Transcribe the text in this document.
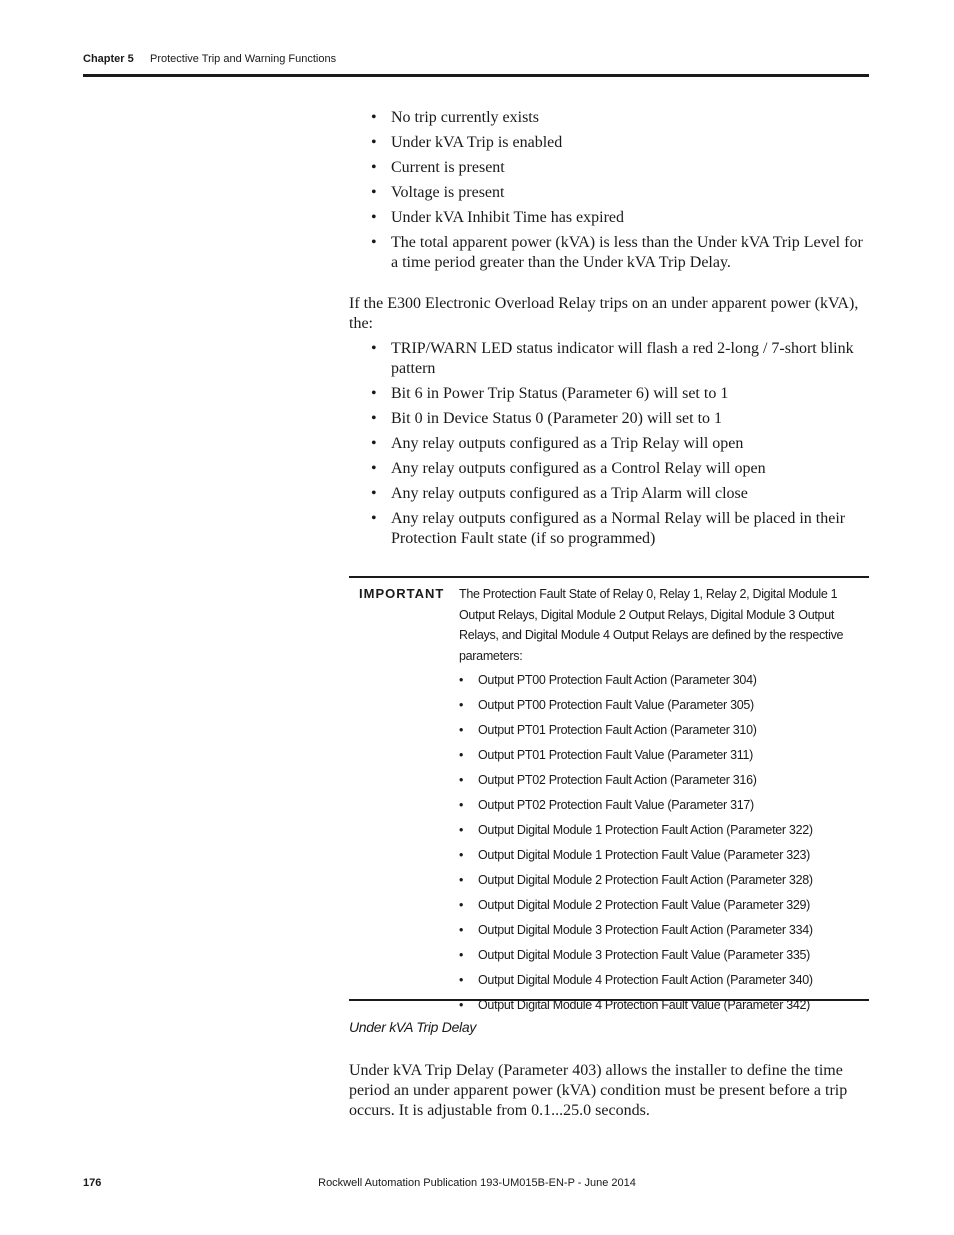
Chapter 5 Protective Trip and Warning Functions
• No trip currently exists
• Under kVA Trip is enabled
• Current is present
• Voltage is present
• Under kVA Inhibit Time has expired
• The total apparent power (kVA) is less than the Under kVA Trip Level for a time period greater than the Under kVA Trip Delay.

If the E300 Electronic Overload Relay trips on an under apparent power (kVA), the:

• TRIP/WARN LED status indicator will flash a red 2-long / 7-short blink pattern
• Bit 6 in Power Trip Status (Parameter 6) will set to 1
• Bit 0 in Device Status 0 (Parameter 20) will set to 1
• Any relay outputs configured as a Trip Relay will open
• Any relay outputs configured as a Control Relay will open
• Any relay outputs configured as a Trip Alarm will close
• Any relay outputs configured as a Normal Relay will be placed in their Protection Fault state (if so programmed)
IMPORTANT The Protection Fault State of Relay 0, Relay 1, Relay 2, Digital Module 1 Output Relays, Digital Module 2 Output Relays, Digital Module 3 Output Relays, and Digital Module 4 Output Relays are defined by the respective parameters:

• Output PT00 Protection Fault Action (Parameter 304)
• Output PT00 Protection Fault Value (Parameter 305)
• Output PT01 Protection Fault Action (Parameter 310)
• Output PT01 Protection Fault Value (Parameter 311)
• Output PT02 Protection Fault Action (Parameter 316)
• Output PT02 Protection Fault Value (Parameter 317)
• Output Digital Module 1 Protection Fault Action (Parameter 322)
• Output Digital Module 1 Protection Fault Value (Parameter 323)
• Output Digital Module 2 Protection Fault Action (Parameter 328)
• Output Digital Module 2 Protection Fault Value (Parameter 329)
• Output Digital Module 3 Protection Fault Action (Parameter 334)
• Output Digital Module 3 Protection Fault Value (Parameter 335)
• Output Digital Module 4 Protection Fault Action (Parameter 340)
• Output Digital Module 4 Protection Fault Value (Parameter 342)
Under kVA Trip Delay

Under kVA Trip Delay (Parameter 403) allows the installer to define the time period an under apparent power (kVA) condition must be present before a trip occurs. It is adjustable from 0.1...25.0 seconds.

176	Rockwell Automation Publication 193-UM015B-EN-P - June 2014
